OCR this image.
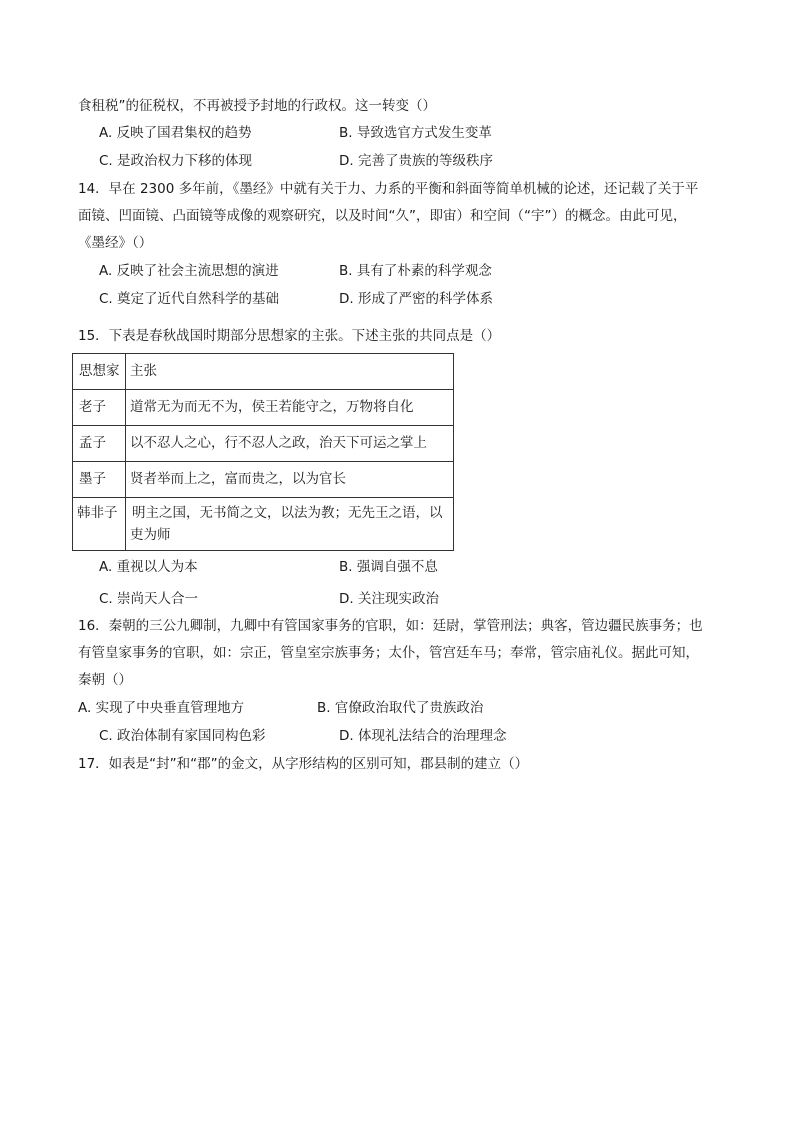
食租税”的征税权，不再被授予封地的行政权。这一转变（）
A. 反映了国君集权的趋势	B. 导致选官方式发生变革
C. 是政治权力下移的体现	D. 完善了贵族的等级秩序
14．早在 2300 多年前，《墨经》中就有关于力、力系的平衡和斜面等简单机械的论述，还记载了关于平
面镜、凹面镜、凸面镜等成像的观察研究，以及时间“久”，即宙）和空间（“宇”）的概念。由此可见，
《墨经》（）
A. 反映了社会主流思想的演进	B. 具有了朴素的科学观念
C. 奠定了近代自然科学的基础	D. 形成了严密的科学体系
15．下表是春秋战国时期部分思想家的主张。下述主张的共同点是（）
思想家	主张
老子	道常无为而无不为，侯王若能守之，万物将自化
孟子	以不忍人之心，行不忍人之政，治天下可运之掌上
墨子	贤者举而上之，富而贵之，以为官长
韩非子	明主之国，无书简之文，以法为教；无先王之语，以
吏为师
A. 重视以人为本	B. 强调自强不息
C. 崇尚天人合一	D. 关注现实政治
16．秦朝的三公九卿制，九卿中有管国家事务的官职，如：廷尉，掌管刑法；典客，管边疆民族事务；也
有管皇家事务的官职，如：宗正，管皇室宗族事务；太仆，管宫廷车马；奉常，管宗庙礼仪。据此可知，
秦朝（）
A. 实现了中央垂直管理地方	B. 官僚政治取代了贵族政治
C. 政治体制有家国同构色彩	D. 体现礼法结合的治理理念
17．如表是“封”和“郡”的金文，从字形结构的区别可知，郡县制的建立（）
